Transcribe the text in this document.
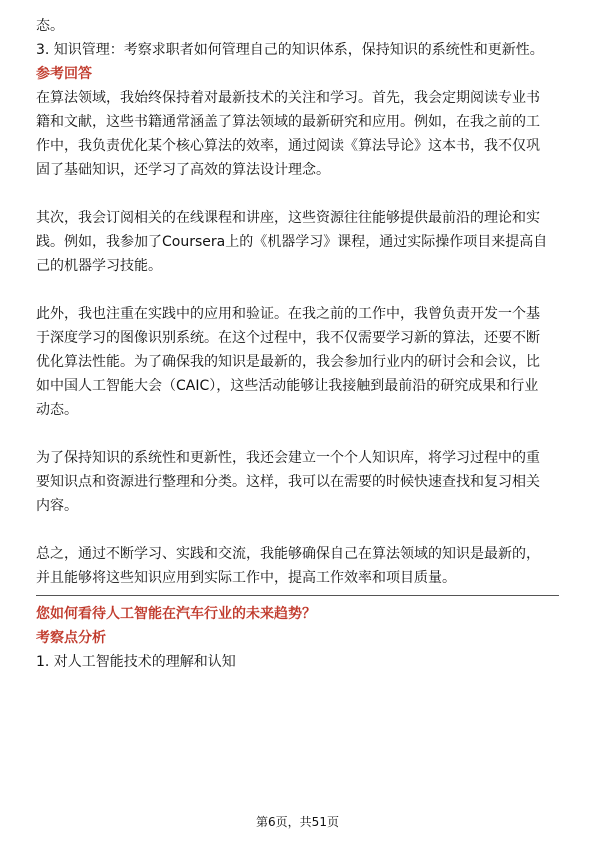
态。
3. 知识管理：考察求职者如何管理自己的知识体系，保持知识的系统性和更新性。
参考回答
在算法领域，我始终保持着对最新技术的关注和学习。首先，我会定期阅读专业书
籍和文献，这些书籍通常涵盖了算法领域的最新研究和应用。例如，在我之前的工
作中，我负责优化某个核心算法的效率，通过阅读《算法导论》这本书，我不仅巩
固了基础知识，还学习了高效的算法设计理念。
其次，我会订阅相关的在线课程和讲座，这些资源往往能够提供最前沿的理论和实
践。例如，我参加了Coursera上的《机器学习》课程，通过实际操作项目来提高自
己的机器学习技能。
此外，我也注重在实践中的应用和验证。在我之前的工作中，我曾负责开发一个基
于深度学习的图像识别系统。在这个过程中，我不仅需要学习新的算法，还要不断
优化算法性能。为了确保我的知识是最新的，我会参加行业内的研讨会和会议，比
如中国人工智能大会（CAIC），这些活动能够让我接触到最前沿的研究成果和行业
动态。
为了保持知识的系统性和更新性，我还会建立一个个人知识库，将学习过程中的重
要知识点和资源进行整理和分类。这样，我可以在需要的时候快速查找和复习相关
内容。
总之，通过不断学习、实践和交流，我能够确保自己在算法领域的知识是最新的，
并且能够将这些知识应用到实际工作中，提高工作效率和项目质量。
您如何看待人工智能在汽车行业的未来趋势？
考察点分析
1. 对人工智能技术的理解和认知
第6页，共51页
